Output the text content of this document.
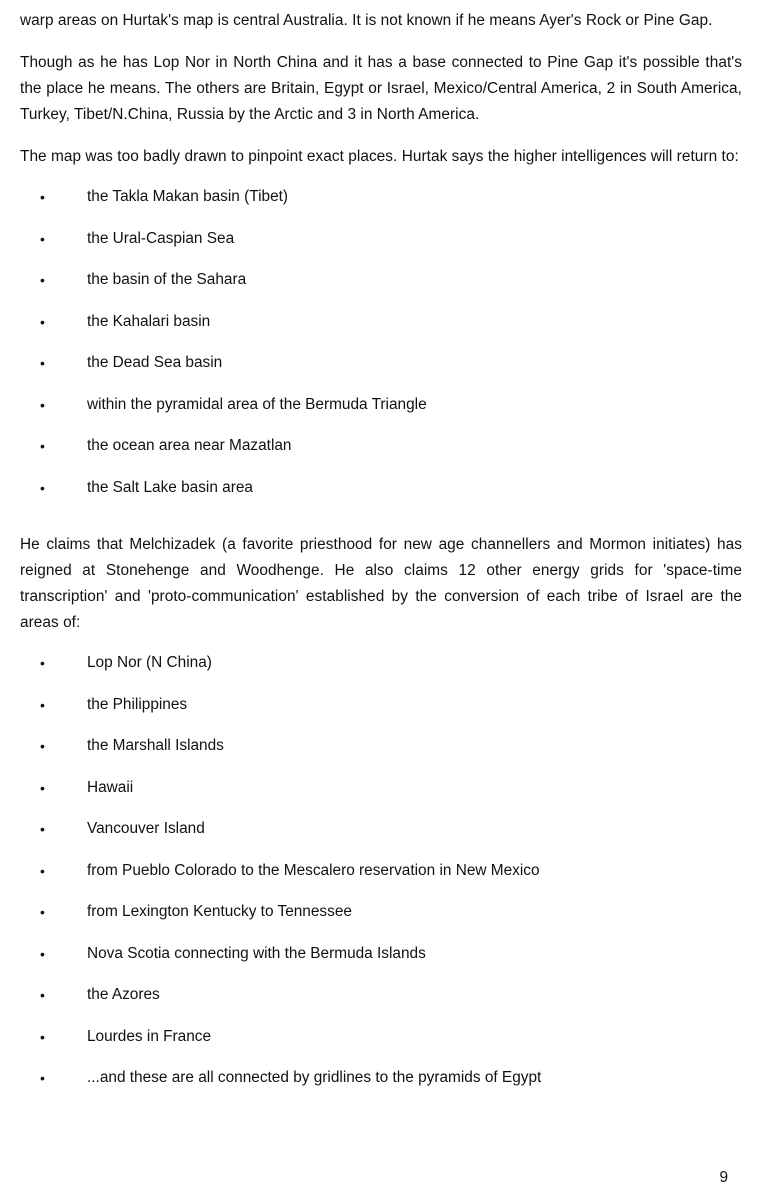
warp areas on Hurtak's map is central Australia. It is not known if he means Ayer's Rock or Pine Gap.

Though as he has Lop Nor in North China and it has a base connected to Pine Gap it's possible that's the place he means. The others are Britain, Egypt or Israel, Mexico/Central America, 2 in South America, Turkey, Tibet/N.China, Russia by the Arctic and 3 in North America.

The map was too badly drawn to pinpoint exact places. Hurtak says the higher intelligences will return to:

•	the Takla Makan basin (Tibet)
•	the Ural-Caspian Sea
•	the basin of the Sahara
•	the Kahalari basin
•	the Dead Sea basin
•	within the pyramidal area of the Bermuda Triangle
•	the ocean area near Mazatlan
•	the Salt Lake basin area

He claims that Melchizadek (a favorite priesthood for new age channellers and Mormon initiates) has reigned at Stonehenge and Woodhenge. He also claims 12 other energy grids for 'space-time transcription' and 'proto-communication' established by the conversion of each tribe of Israel are the areas of:

•	Lop Nor (N China)
•	the Philippines
•	the Marshall Islands
•	Hawaii
•	Vancouver Island
•	from Pueblo Colorado to the Mescalero reservation in New Mexico
•	from Lexington Kentucky to Tennessee
•	Nova Scotia connecting with the Bermuda Islands
•	the Azores
•	Lourdes in France
•	...and these are all connected by gridlines to the pyramids of Egypt
9
